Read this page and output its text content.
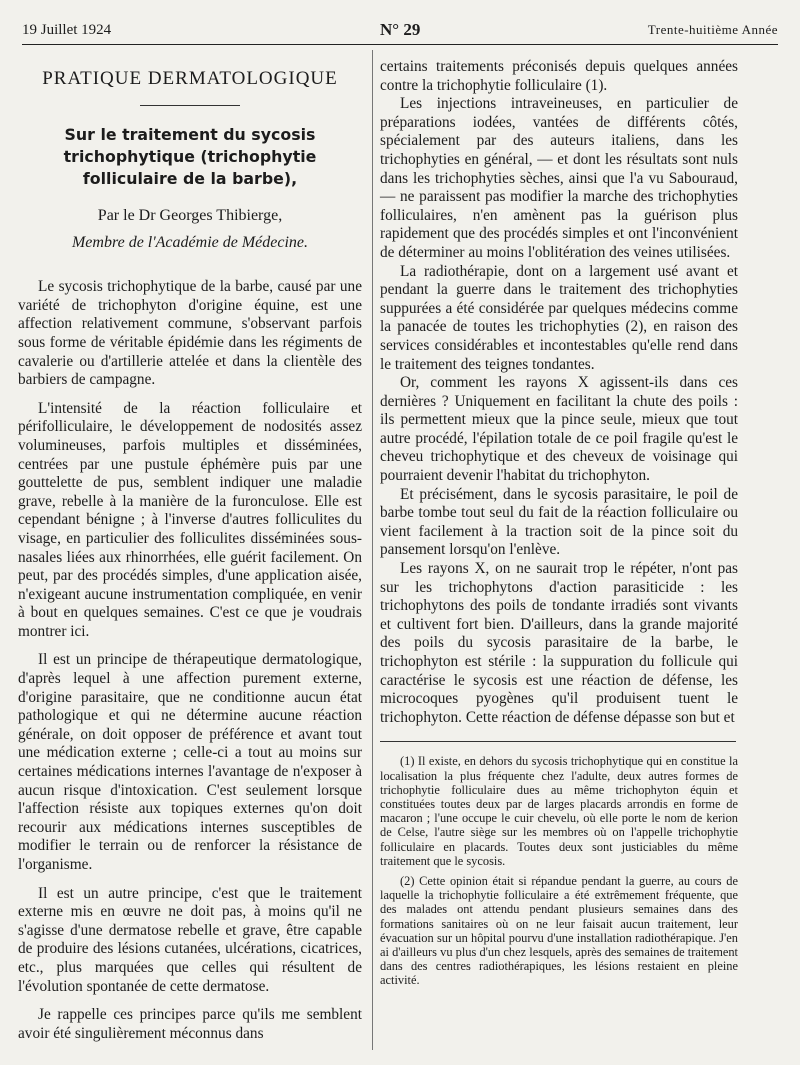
19 Juillet 1924	N° 29	Trente-huitième Année

PRATIQUE DERMATOLOGIQUE

Sur le traitement du sycosis trichophytique (trichophytie folliculaire de la barbe),

Par le Dr Georges Thibierge,

Membre de l'Académie de Médecine.

Le sycosis trichophytique de la barbe, causé par une variété de trichophyton d'origine équine, est une affection relativement commune, s'observant parfois sous forme de véritable épidémie dans les régiments de cavalerie ou d'artillerie attelée et dans la clientèle des barbiers de campagne.

L'intensité de la réaction folliculaire et périfolliculaire, le développement de nodosités assez volumineuses, parfois multiples et disséminées, centrées par une pustule éphémère puis par une gouttelette de pus, semblent indiquer une maladie grave, rebelle à la manière de la furonculose. Elle est cependant bénigne ; à l'inverse d'autres folliculites du visage, en particulier des folliculites disséminées sous-nasales liées aux rhinorrhées, elle guérit facilement. On peut, par des procédés simples, d'une application aisée, n'exigeant aucune instrumentation compliquée, en venir à bout en quelques semaines. C'est ce que je voudrais montrer ici.

Il est un principe de thérapeutique dermatologique, d'après lequel à une affection purement externe, d'origine parasitaire, que ne conditionne aucun état pathologique et qui ne détermine aucune réaction générale, on doit opposer de préférence et avant tout une médication externe ; celle-ci a tout au moins sur certaines médications internes l'avantage de n'exposer à aucun risque d'intoxication. C'est seulement lorsque l'affection résiste aux topiques externes qu'on doit recourir aux médications internes susceptibles de modifier le terrain ou de renforcer la résistance de l'organisme.

Il est un autre principe, c'est que le traitement externe mis en œuvre ne doit pas, à moins qu'il ne s'agisse d'une dermatose rebelle et grave, être capable de produire des lésions cutanées, ulcérations, cicatrices, etc., plus marquées que celles qui résultent de l'évolution spontanée de cette dermatose.

Je rappelle ces principes parce qu'ils me semblent avoir été singulièrement méconnus dans

certains traitements préconisés depuis quelques années contre la trichophytie folliculaire (1).

Les injections intraveineuses, en particulier de préparations iodées, vantées de différents côtés, spécialement par des auteurs italiens, dans les trichophyties en général, — et dont les résultats sont nuls dans les trichophyties sèches, ainsi que l'a vu Sabouraud, — ne paraissent pas modifier la marche des trichophyties folliculaires, n'en amènent pas la guérison plus rapidement que des procédés simples et ont l'inconvénient de déterminer au moins l'oblitération des veines utilisées.

La radiothérapie, dont on a largement usé avant et pendant la guerre dans le traitement des trichophyties suppurées a été considérée par quelques médecins comme la panacée de toutes les trichophyties (2), en raison des services considérables et incontestables qu'elle rend dans le traitement des teignes tondantes.

Or, comment les rayons X agissent-ils dans ces dernières ? Uniquement en facilitant la chute des poils : ils permettent mieux que la pince seule, mieux que tout autre procédé, l'épilation totale de ce poil fragile qu'est le cheveu trichophytique et des cheveux de voisinage qui pourraient devenir l'habitat du trichophyton.

Et précisément, dans le sycosis parasitaire, le poil de barbe tombe tout seul du fait de la réaction folliculaire ou vient facilement à la traction soit de la pince soit du pansement lorsqu'on l'enlève.

Les rayons X, on ne saurait trop le répéter, n'ont pas sur les trichophytons d'action parasiticide : les trichophytons des poils de tondante irradiés sont vivants et cultivent fort bien. D'ailleurs, dans la grande majorité des poils du sycosis parasitaire de la barbe, le trichophyton est stérile : la suppuration du follicule qui caractérise le sycosis est une réaction de défense, les microcoques pyogènes qu'il produisent tuent le trichophyton. Cette réaction de défense dépasse son but et

(1) Il existe, en dehors du sycosis trichophytique qui en constitue la localisation la plus fréquente chez l'adulte, deux autres formes de trichophytie folliculaire dues au même trichophyton équin et constituées toutes deux par de larges placards arrondis en forme de macaron ; l'une occupe le cuir chevelu, où elle porte le nom de kerion de Celse, l'autre siège sur les membres où on l'appelle trichophytie folliculaire en placards. Toutes deux sont justiciables du même traitement que le sycosis.

(2) Cette opinion était si répandue pendant la guerre, au cours de laquelle la trichophytie folliculaire a été extrêmement fréquente, que des malades ont attendu pendant plusieurs semaines dans des formations sanitaires où on ne leur faisait aucun traitement, leur évacuation sur un hôpital pourvu d'une installation radiothérapique. J'en ai d'ailleurs vu plus d'un chez lesquels, après des semaines de traitement dans des centres radiothérapiques, les lésions restaient en pleine activité.
